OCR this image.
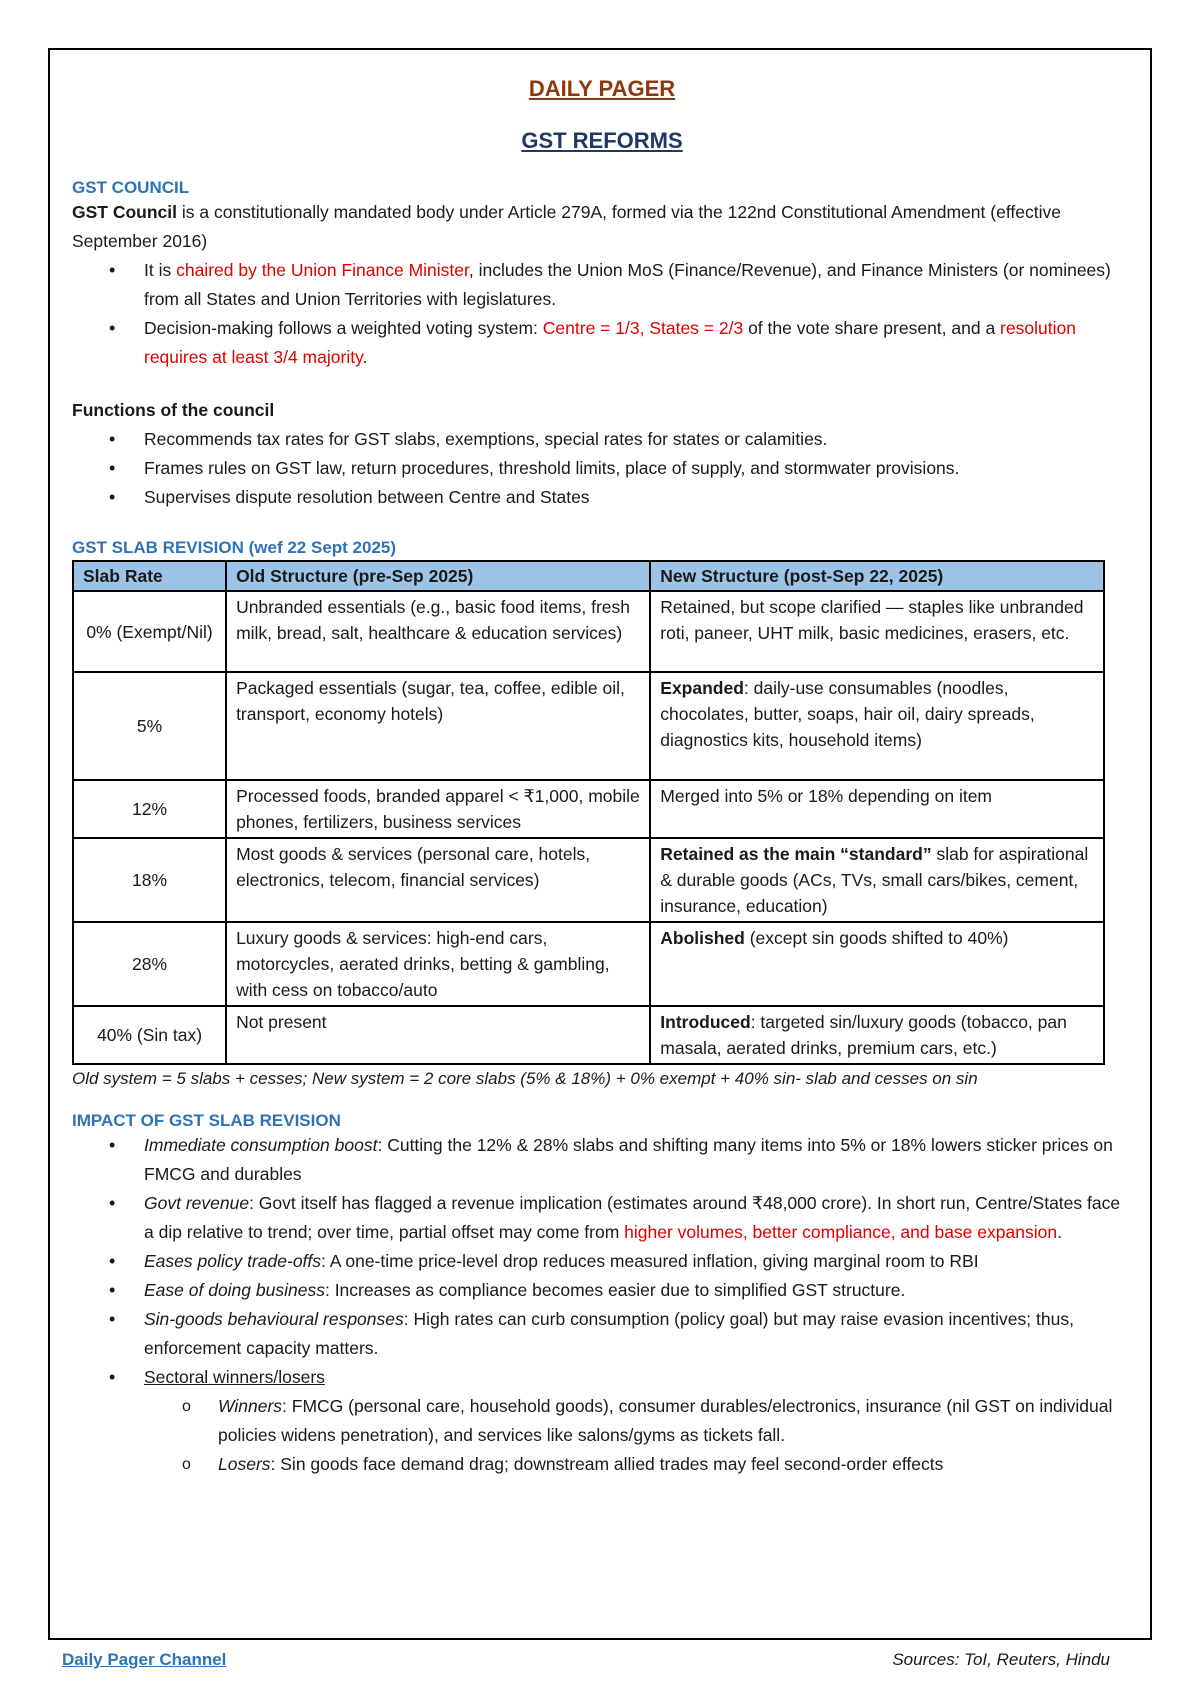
DAILY PAGER
GST REFORMS
GST COUNCIL
GST Council is a constitutionally mandated body under Article 279A, formed via the 122nd Constitutional Amendment (effective September 2016)
• It is chaired by the Union Finance Minister, includes the Union MoS (Finance/Revenue), and Finance Ministers (or nominees) from all States and Union Territories with legislatures.
• Decision-making follows a weighted voting system: Centre = 1/3, States = 2/3 of the vote share present, and a resolution requires at least 3/4 majority.
Functions of the council
• Recommends tax rates for GST slabs, exemptions, special rates for states or calamities.
• Frames rules on GST law, return procedures, threshold limits, place of supply, and stormwater provisions.
• Supervises dispute resolution between Centre and States
GST SLAB REVISION (wef 22 Sept 2025)
Slab Rate	Old Structure (pre-Sep 2025)	New Structure (post-Sep 22, 2025)
0% (Exempt/Nil)	Unbranded essentials (e.g., basic food items, fresh milk, bread, salt, healthcare & education services)	Retained, but scope clarified — staples like unbranded roti, paneer, UHT milk, basic medicines, erasers, etc.
5%	Packaged essentials (sugar, tea, coffee, edible oil, transport, economy hotels)	Expanded: daily-use consumables (noodles, chocolates, butter, soaps, hair oil, dairy spreads, diagnostics kits, household items)
12%	Processed foods, branded apparel < ₹1,000, mobile phones, fertilizers, business services	Merged into 5% or 18% depending on item
18%	Most goods & services (personal care, hotels, electronics, telecom, financial services)	Retained as the main “standard” slab for aspirational & durable goods (ACs, TVs, small cars/bikes, cement, insurance, education)
28%	Luxury goods & services: high-end cars, motorcycles, aerated drinks, betting & gambling, with cess on tobacco/auto	Abolished (except sin goods shifted to 40%)
40% (Sin tax)	Not present	Introduced: targeted sin/luxury goods (tobacco, pan masala, aerated drinks, premium cars, etc.)
Old system = 5 slabs + cesses; New system = 2 core slabs (5% & 18%) + 0% exempt + 40% sin- slab and cesses on sin
IMPACT OF GST SLAB REVISION
• Immediate consumption boost: Cutting the 12% & 28% slabs and shifting many items into 5% or 18% lowers sticker prices on FMCG and durables
• Govt revenue: Govt itself has flagged a revenue implication (estimates around ₹48,000 crore). In short run, Centre/States face a dip relative to trend; over time, partial offset may come from higher volumes, better compliance, and base expansion.
• Eases policy trade-offs: A one-time price-level drop reduces measured inflation, giving marginal room to RBI
• Ease of doing business: Increases as compliance becomes easier due to simplified GST structure.
• Sin-goods behavioural responses: High rates can curb consumption (policy goal) but may raise evasion incentives; thus, enforcement capacity matters.
• Sectoral winners/losers
o Winners: FMCG (personal care, household goods), consumer durables/electronics, insurance (nil GST on individual policies widens penetration), and services like salons/gyms as tickets fall.
o Losers: Sin goods face demand drag; downstream allied trades may feel second-order effects
Daily Pager Channel	Sources: ToI, Reuters, Hindu
